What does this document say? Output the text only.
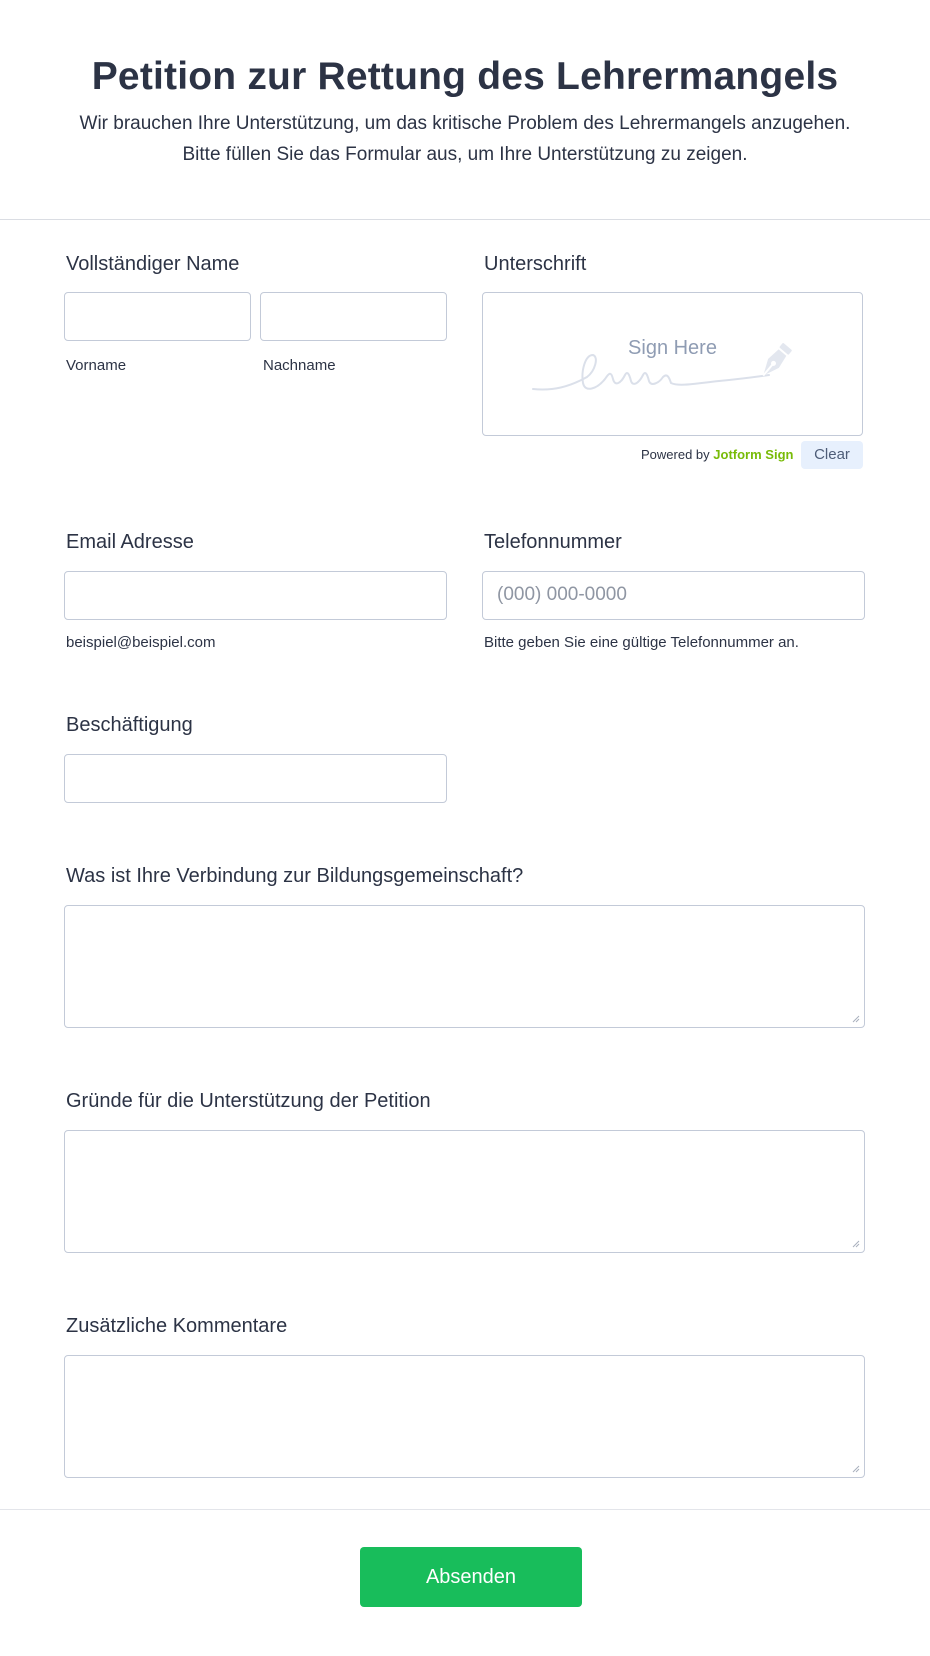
Petition zur Rettung des Lehrermangels

Wir brauchen Ihre Unterstützung, um das kritische Problem des Lehrermangels anzugehen. Bitte füllen Sie das Formular aus, um Ihre Unterstützung zu zeigen.

Vollständiger Name
Vorname	Nachname
Unterschrift
Sign Here
Powered by Jotform Sign	Clear
Email Adresse
beispiel@beispiel.com
Telefonnummer
(000) 000-0000
Bitte geben Sie eine gültige Telefonnummer an.
Beschäftigung
Was ist Ihre Verbindung zur Bildungsgemeinschaft?
Gründe für die Unterstützung der Petition
Zusätzliche Kommentare
Absenden
